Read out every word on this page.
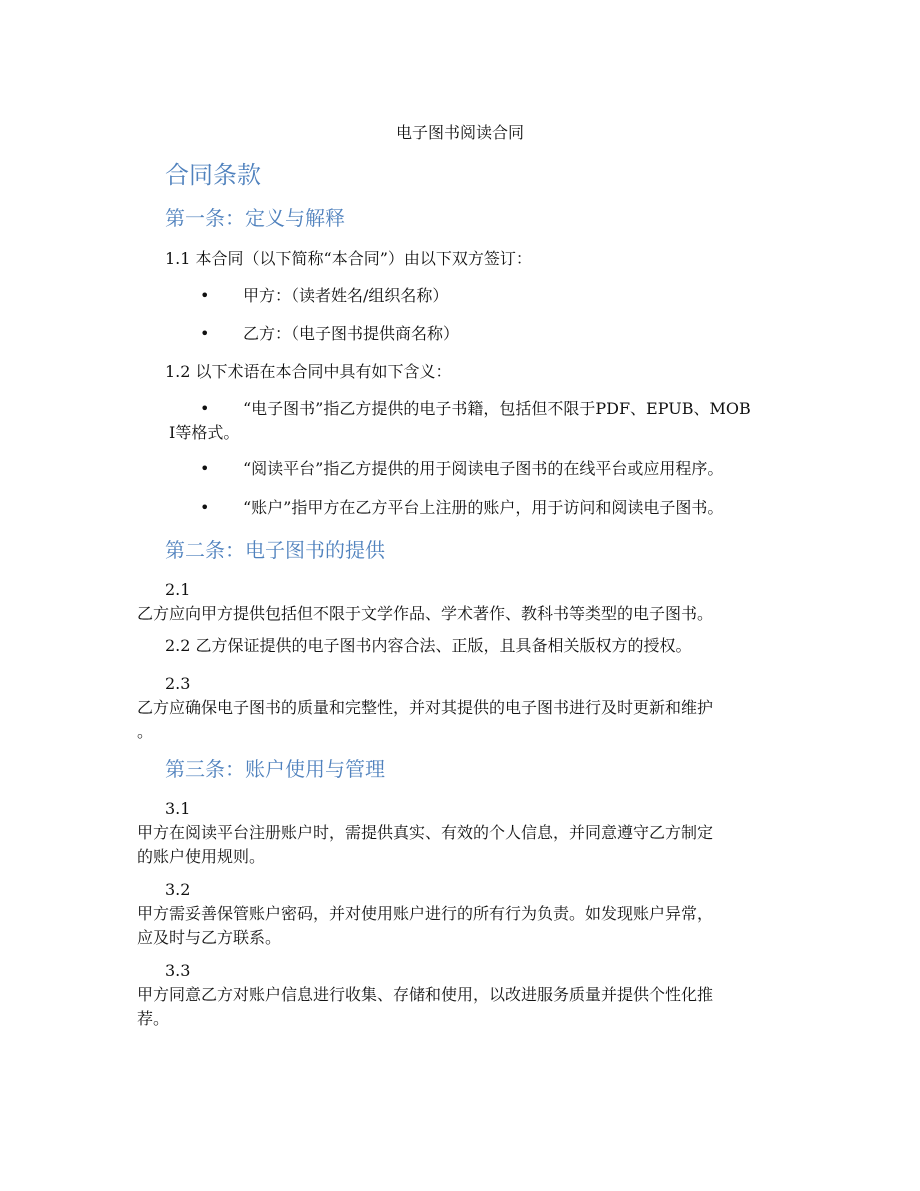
电子图书阅读合同
合同条款
第一条：定义与解释
1.1 本合同（以下简称“本合同”）由以下双方签订：
• 甲方：（读者姓名/组织名称）
• 乙方：（电子图书提供商名称）
1.2 以下术语在本合同中具有如下含义：
• “电子图书”指乙方提供的电子书籍，包括但不限于PDF、EPUB、MOB
I等格式。
• “阅读平台”指乙方提供的用于阅读电子图书的在线平台或应用程序。
• “账户”指甲方在乙方平台上注册的账户，用于访问和阅读电子图书。
第二条：电子图书的提供
2.1
乙方应向甲方提供包括但不限于文学作品、学术著作、教科书等类型的电子图书。
2.2 乙方保证提供的电子图书内容合法、正版，且具备相关版权方的授权。
2.3
乙方应确保电子图书的质量和完整性，并对其提供的电子图书进行及时更新和维护
。
第三条：账户使用与管理
3.1
甲方在阅读平台注册账户时，需提供真实、有效的个人信息，并同意遵守乙方制定
的账户使用规则。
3.2
甲方需妥善保管账户密码，并对使用账户进行的所有行为负责。如发现账户异常，
应及时与乙方联系。
3.3
甲方同意乙方对账户信息进行收集、存储和使用，以改进服务质量并提供个性化推
荐。
